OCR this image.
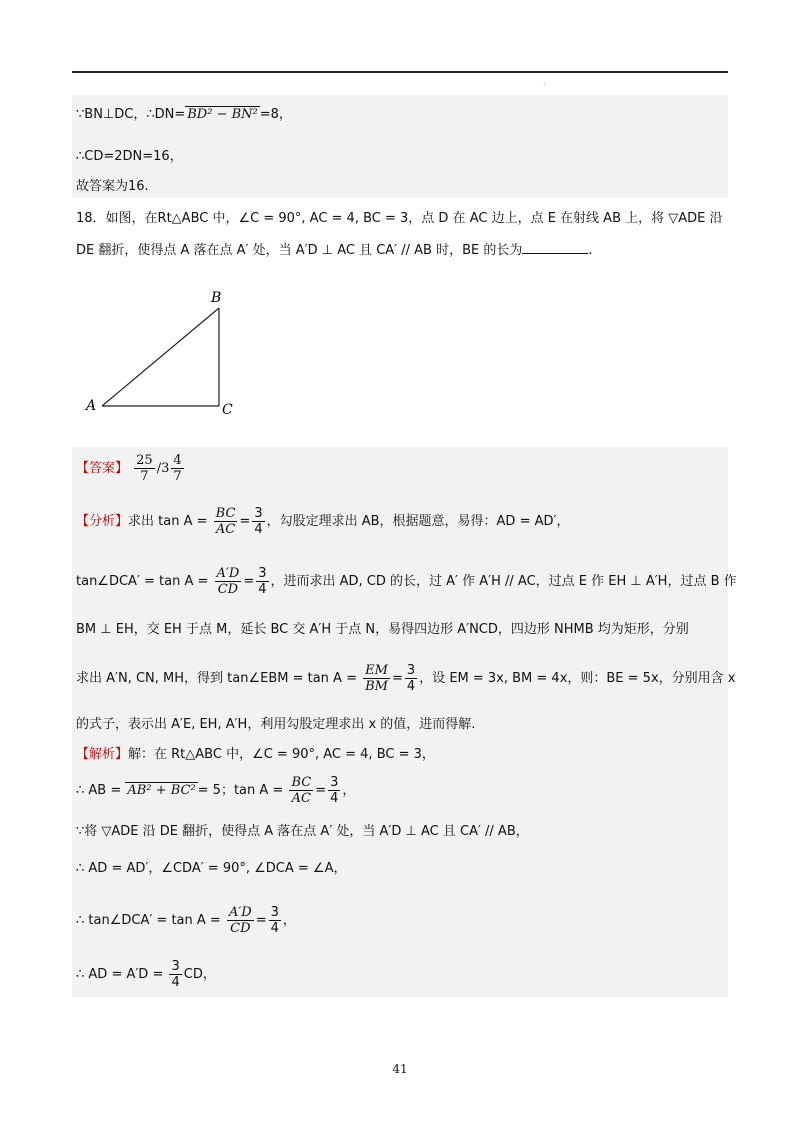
.
∵BN⊥DC，∴DN= BD² − BN² =8，
∴CD=2DN=16，
故答案为16.
18．如图，在Rt△ABC 中，∠C = 90°, AC = 4, BC = 3，点 D 在 AC 边上，点 E 在射线 AB 上，将 ▽ADE 沿
DE 翻折，使得点 A 落在点 A′ 处，当 A′D ⊥ AC 且 CA′ // AB 时，BE 的长为	.
A
B
C
【答案】 $\frac{25}{7} /3 \frac{4}{7}$
【分析】求出 $\tan A = \frac{BC}{AC} = \frac{3}{4}$ ，勾股定理求出 AB，根据题意，易得：AD = AD′，
tan∠DCA′ = $\tan A = \frac{A'D}{CD} = \frac{3}{4}$ ，进而求出 AD, CD 的长，过 A′ 作 A′H // AC，过点 E 作 EH ⊥ A′H，过点 B 作
BM ⊥ EH，交 EH 于点 M，延长 BC 交 A′H 于点 N，易得四边形 A′NCD，四边形 NHMB 均为矩形，分别
求出 A′N, CN, MH，得到 tan∠EBM = $\tan A = \frac{EM}{BM} = \frac{3}{4}$ ，设 EM = 3x, BM = 4x，则：BE = 5x，分别用含 x
的式子，表示出 A′E, EH, A′H，利用勾股定理求出 x 的值，进而得解.
【解析】解：在 Rt△ABC 中，∠C = 90°, AC = 4, BC = 3，
∴ AB = AB² + BC² = 5；$\tan A = \frac{BC}{AC} = \frac{3}{4}$ ，
∵将 ▽ADE 沿 DE 翻折，使得点 A 落在点 A′ 处，当 A′D ⊥ AC 且 CA′ // AB，
∴ AD = AD′，∠CDA′ = 90°, ∠DCA = ∠A，
∴ tan∠DCA′ = $\tan A = \frac{A'D}{CD} = \frac{3}{4}$ ，
∴ AD = $A'D = \frac{3}{4}$ CD，
41
